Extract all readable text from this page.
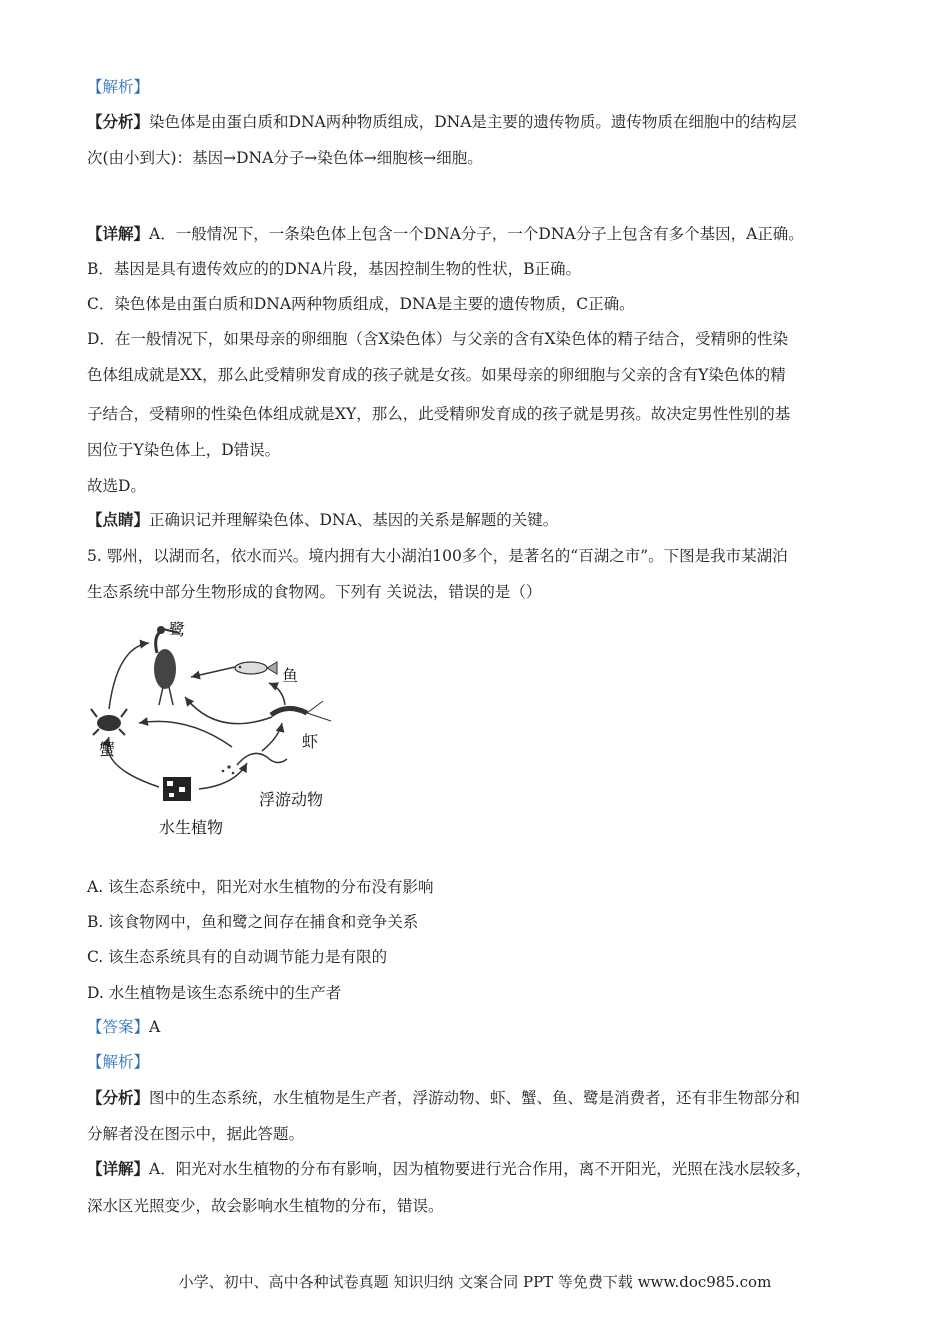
【解析】
【分析】染色体是由蛋白质和DNA两种物质组成，DNA是主要的遗传物质。遗传物质在细胞中的结构层
次(由小到大)：基因→DNA分子→染色体→细胞核→细胞。
【详解】A．一般情况下，一条染色体上包含一个DNA分子，一个DNA分子上包含有多个基因，A正确。
B．基因是具有遗传效应的的DNA片段，基因控制生物的性状，B正确。
C．染色体是由蛋白质和DNA两种物质组成，DNA是主要的遗传物质，C正确。
D．在一般情况下，如果母亲的卵细胞（含X染色体）与父亲的含有X染色体的精子结合，受精卵的性染
色体组成就是XX，那么此受精卵发育成的孩子就是女孩。如果母亲的卵细胞与父亲的含有Y染色体的精
子结合，受精卵的性染色体组成就是XY，那么，此受精卵发育成的孩子就是男孩。故决定男性性别的基
因位于Y染色体上，D错误。
故选D。
【点睛】正确识记并理解染色体、DNA、基因的关系是解题的关键。
5. 鄂州，以湖而名，依水而兴。境内拥有大小湖泊100多个，是著名的“百湖之市”。下图是我市某湖泊
生态系统中部分生物形成的食物网。下列有 关说法，错误的是（）
鹭
鱼
蟹	虾
浮游动物
水生植物
A. 该生态系统中，阳光对水生植物的分布没有影响
B. 该食物网中，鱼和鹭之间存在捕食和竞争关系
C. 该生态系统具有的自动调节能力是有限的
D. 水生植物是该生态系统中的生产者
【答案】A
【解析】
【分析】图中的生态系统，水生植物是生产者，浮游动物、虾、蟹、鱼、鹭是消费者，还有非生物部分和
分解者没在图示中，据此答题。
【详解】A．阳光对水生植物的分布有影响，因为植物要进行光合作用，离不开阳光，光照在浅水层较多，
深水区光照变少，故会影响水生植物的分布，错误。
小学、初中、高中各种试卷真题 知识归纳 文案合同 PPT 等免费下载 www.doc985.com
